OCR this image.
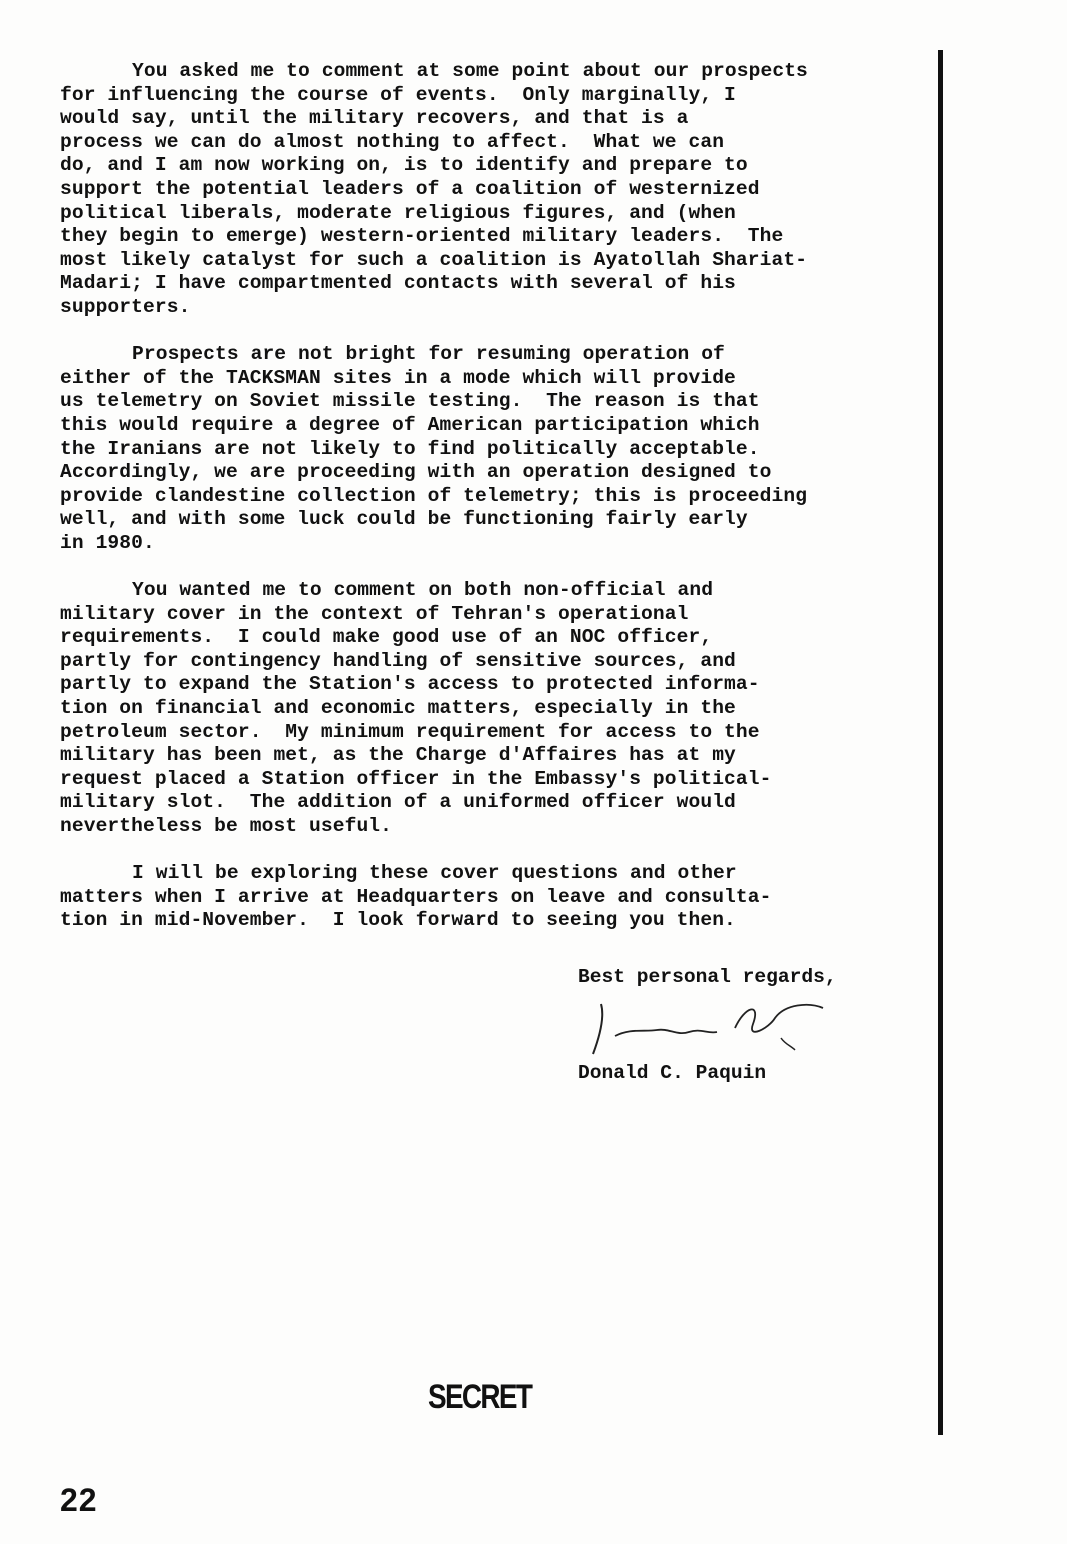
You asked me to comment at some point about our prospects
for influencing the course of events.  Only marginally, I
would say, until the military recovers, and that is a
process we can do almost nothing to affect.  What we can
do, and I am now working on, is to identify and prepare to
support the potential leaders of a coalition of westernized
political liberals, moderate religious figures, and (when
they begin to emerge) western-oriented military leaders.  The
most likely catalyst for such a coalition is Ayatollah Shariat-
Madari; I have compartmented contacts with several of his
supporters.
Prospects are not bright for resuming operation of
either of the TACKSMAN sites in a mode which will provide
us telemetry on Soviet missile testing.  The reason is that
this would require a degree of American participation which
the Iranians are not likely to find politically acceptable.
Accordingly, we are proceeding with an operation designed to
provide clandestine collection of telemetry; this is proceeding
well, and with some luck could be functioning fairly early
in 1980.
You wanted me to comment on both non-official and
military cover in the context of Tehran's operational
requirements.  I could make good use of an NOC officer,
partly for contingency handling of sensitive sources, and
partly to expand the Station's access to protected informa-
tion on financial and economic matters, especially in the
petroleum sector.  My minimum requirement for access to the
military has been met, as the Charge d'Affaires has at my
request placed a Station officer in the Embassy's political-
military slot.  The addition of a uniformed officer would
nevertheless be most useful.
I will be exploring these cover questions and other
matters when I arrive at Headquarters on leave and consulta-
tion in mid-November.  I look forward to seeing you then.
Best personal regards,
Donald C. Paquin
SECRET
22
